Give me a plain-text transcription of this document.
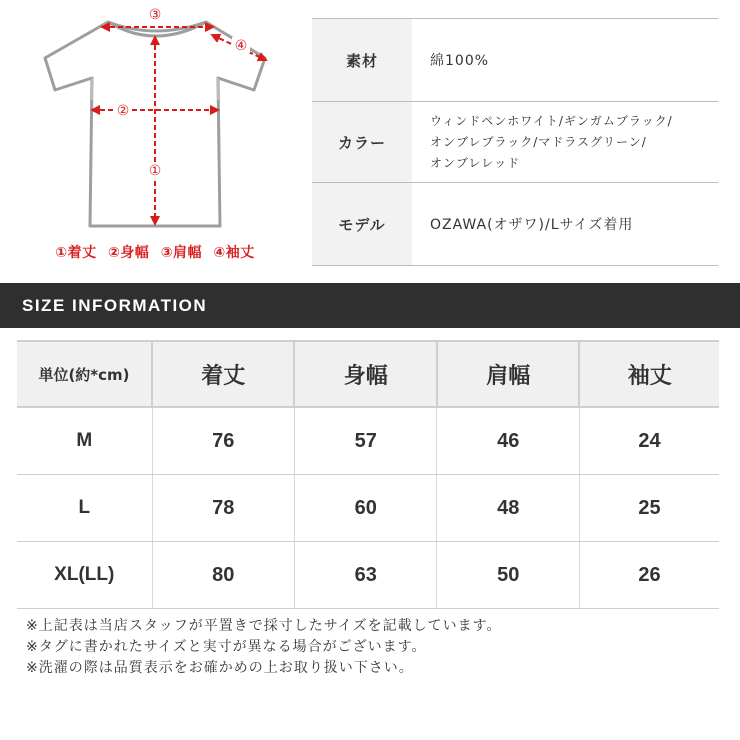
③
④
②
①
①着丈 ②身幅 ③肩幅 ④袖丈
素材	綿100%
カラー	ウィンドペンホワイト/ギンガムブラック/
オンブレブラック/マドラスグリーン/
オンブレレッド

モデル	OZAWA(オザワ)/Lサイズ着用
SIZE INFORMATION
単位(約*cm)	着丈	身幅	肩幅	袖丈
M	76	57	46	24
L	78	60	48	25
XL(LL)	80	63	50	26
※上記表は当店スタッフが平置きで採寸したサイズを記載しています。
※タグに書かれたサイズと実寸が異なる場合がございます。
※洗濯の際は品質表示をお確かめの上お取り扱い下さい。
